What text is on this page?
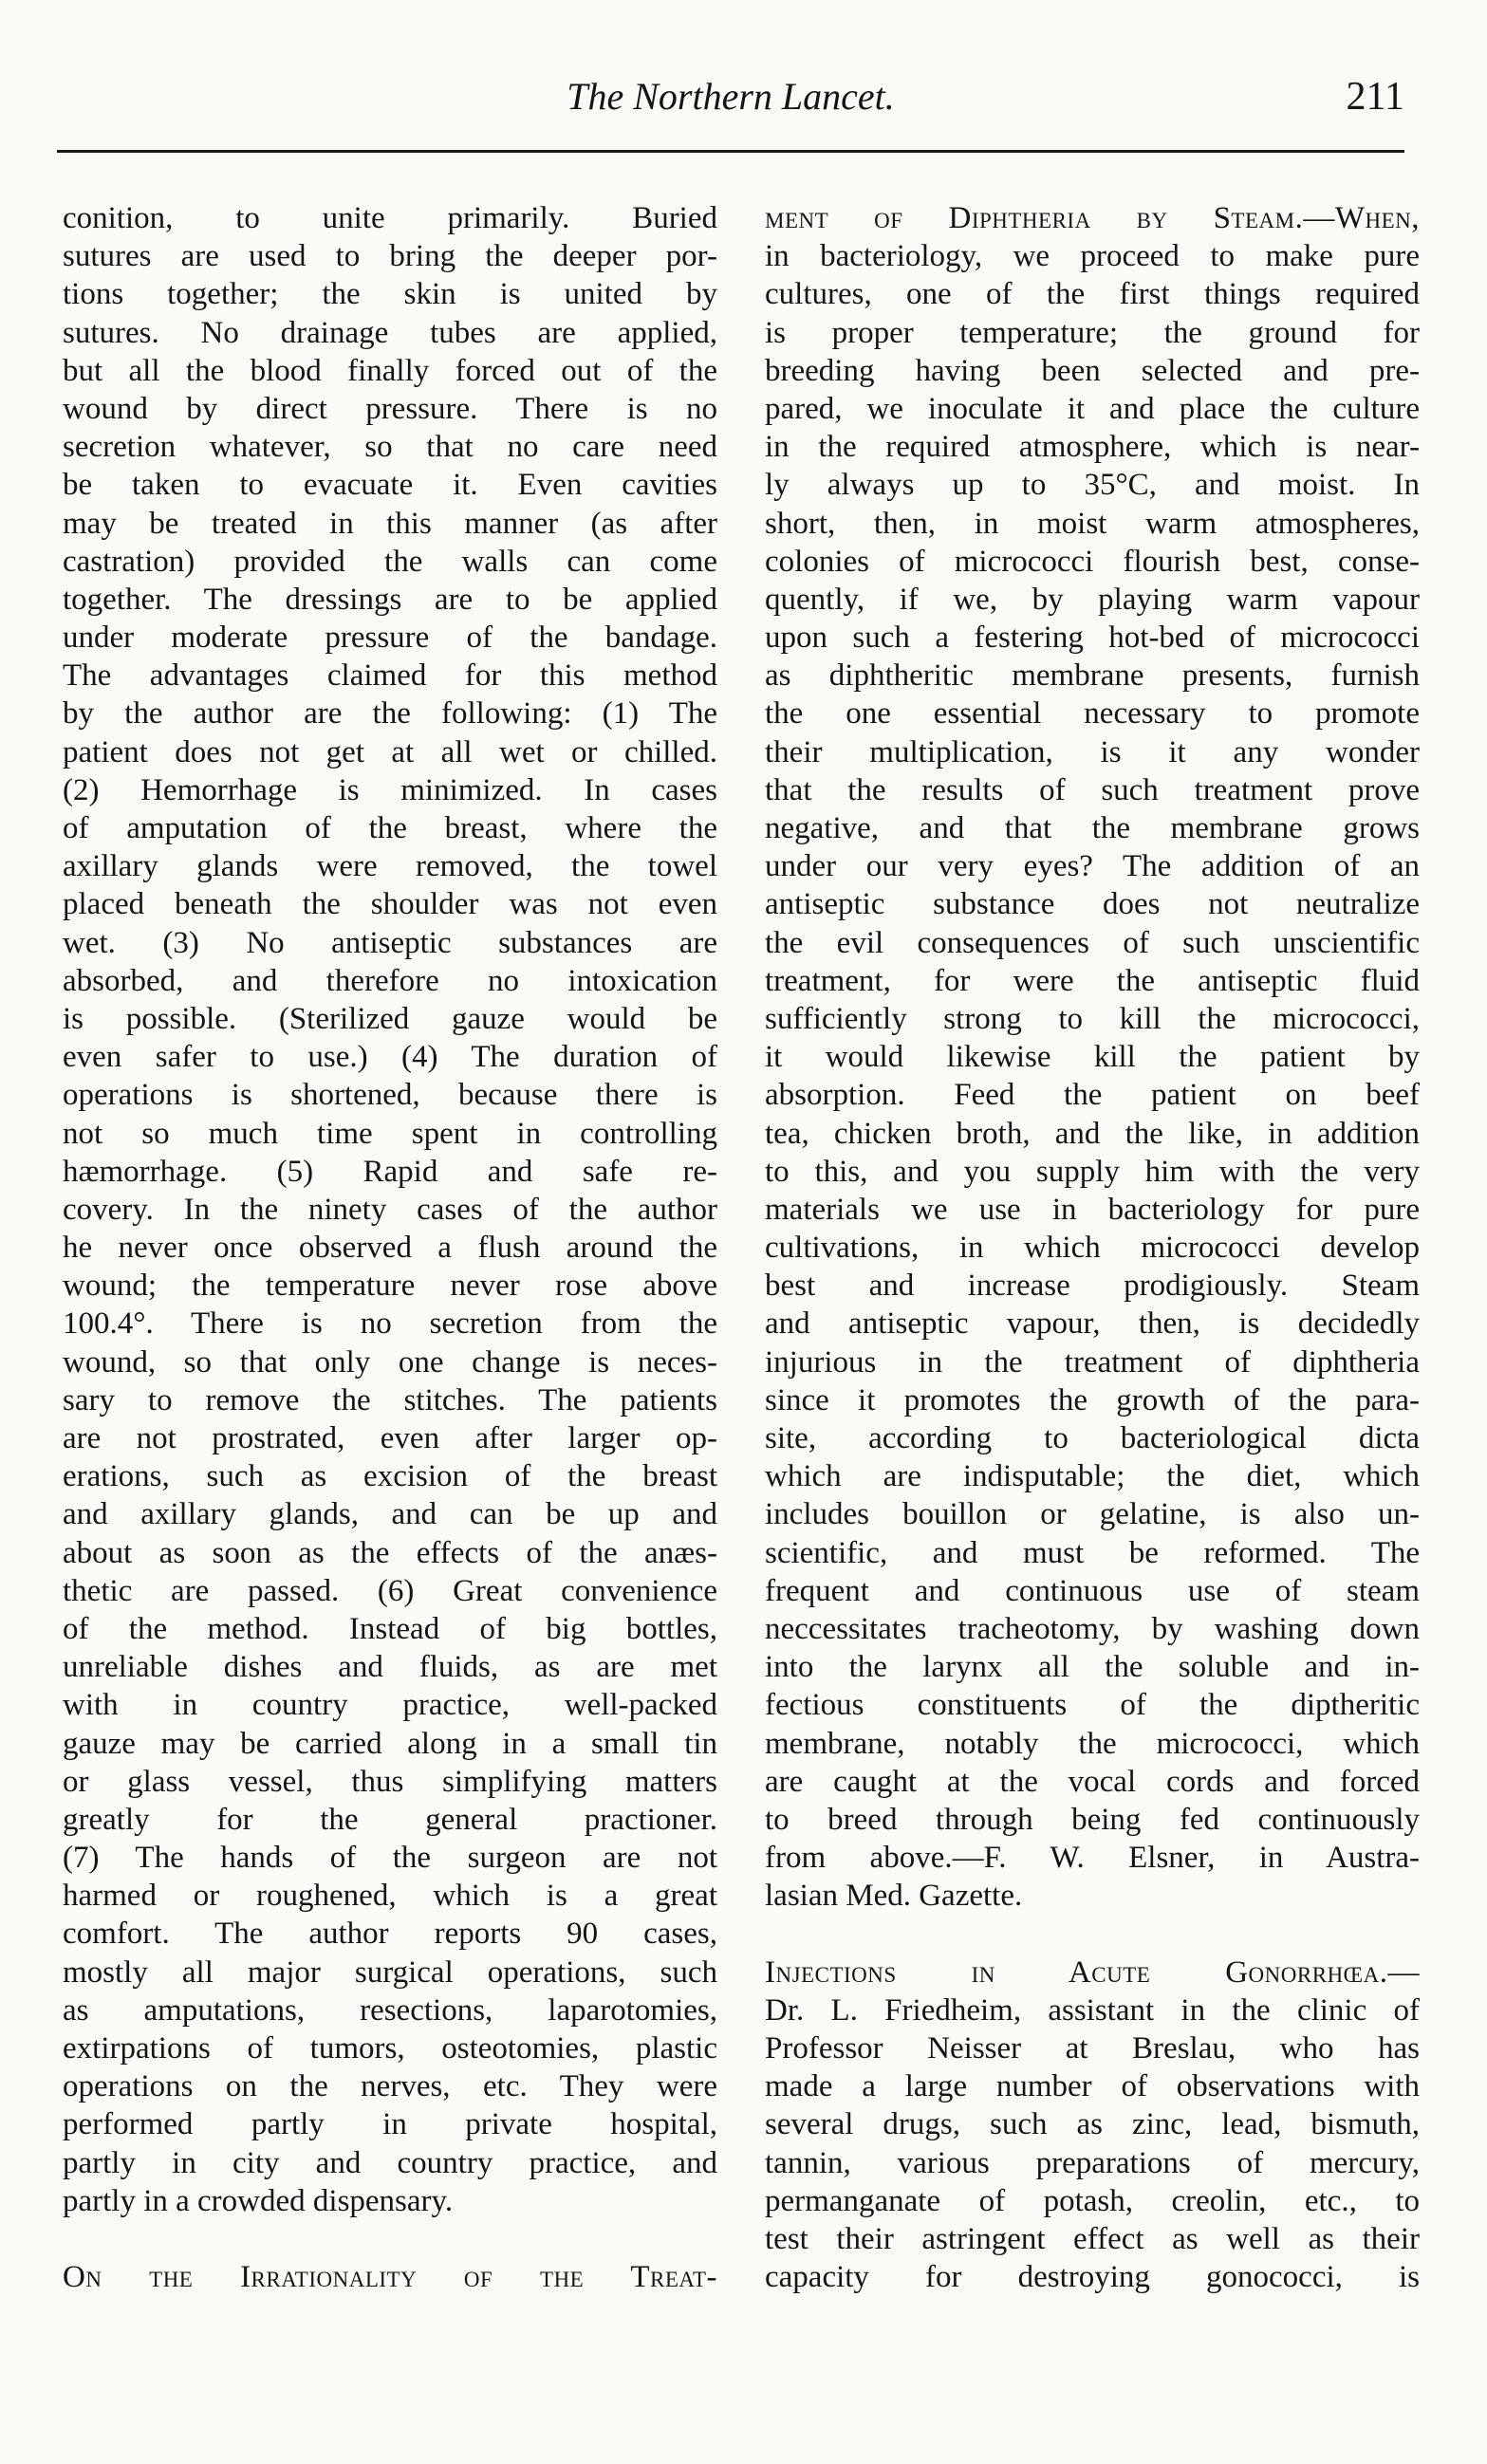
The Northern Lancet.	211
conition, to unite primarily. Buried
sutures are used to bring the deeper por-
tions together; the skin is united by
sutures. No drainage tubes are applied,
but all the blood finally forced out of the
wound by direct pressure. There is no
secretion whatever, so that no care need
be taken to evacuate it. Even cavities
may be treated in this manner (as after
castration) provided the walls can come
together. The dressings are to be applied
under moderate pressure of the bandage.
The advantages claimed for this method
by the author are the following: (1) The
patient does not get at all wet or chilled.
(2) Hemorrhage is minimized. In cases
of amputation of the breast, where the
axillary glands were removed, the towel
placed beneath the shoulder was not even
wet. (3) No antiseptic substances are
absorbed, and therefore no intoxication
is possible. (Sterilized gauze would be
even safer to use.) (4) The duration of
operations is shortened, because there is
not so much time spent in controlling
hæmorrhage. (5) Rapid and safe re-
covery. In the ninety cases of the author
he never once observed a flush around the
wound; the temperature never rose above
100.4°. There is no secretion from the
wound, so that only one change is neces-
sary to remove the stitches. The patients
are not prostrated, even after larger op-
erations, such as excision of the breast
and axillary glands, and can be up and
about as soon as the effects of the anæs-
thetic are passed. (6) Great convenience
of the method. Instead of big bottles,
unreliable dishes and fluids, as are met
with in country practice, well-packed
gauze may be carried along in a small tin
or glass vessel, thus simplifying matters
greatly for the general practioner.
(7) The hands of the surgeon are not
harmed or roughened, which is a great
comfort. The author reports 90 cases,
mostly all major surgical operations, such
as amputations, resections, laparotomies,
extirpations of tumors, osteotomies, plastic
operations on the nerves, etc. They were
performed partly in private hospital,
partly in city and country practice, and
partly in a crowded dispensary.
On the Irrationality of the Treat-
ment of Diphtheria by Steam.—When,
in bacteriology, we proceed to make pure
cultures, one of the first things required
is proper temperature; the ground for
breeding having been selected and pre-
pared, we inoculate it and place the culture
in the required atmosphere, which is near-
ly always up to 35°C, and moist. In
short, then, in moist warm atmospheres,
colonies of micrococci flourish best, conse-
quently, if we, by playing warm vapour
upon such a festering hot-bed of micrococci
as diphtheritic membrane presents, furnish
the one essential necessary to promote
their multiplication, is it any wonder
that the results of such treatment prove
negative, and that the membrane grows
under our very eyes? The addition of an
antiseptic substance does not neutralize
the evil consequences of such unscientific
treatment, for were the antiseptic fluid
sufficiently strong to kill the micrococci,
it would likewise kill the patient by
absorption. Feed the patient on beef
tea, chicken broth, and the like, in addition
to this, and you supply him with the very
materials we use in bacteriology for pure
cultivations, in which micrococci develop
best and increase prodigiously. Steam
and antiseptic vapour, then, is decidedly
injurious in the treatment of diphtheria
since it promotes the growth of the para-
site, according to bacteriological dicta
which are indisputable; the diet, which
includes bouillon or gelatine, is also un-
scientific, and must be reformed. The
frequent and continuous use of steam
neccessitates tracheotomy, by washing down
into the larynx all the soluble and in-
fectious constituents of the diptheritic
membrane, notably the micrococci, which
are caught at the vocal cords and forced
to breed through being fed continuously
from above.—F. W. Elsner, in Austra-
lasian Med. Gazette.
Injections in Acute Gonorrhœa.—
Dr. L. Friedheim, assistant in the clinic of
Professor Neisser at Breslau, who has
made a large number of observations with
several drugs, such as zinc, lead, bismuth,
tannin, various preparations of mercury,
permanganate of potash, creolin, etc., to
test their astringent effect as well as their
capacity for destroying gonococci, is
